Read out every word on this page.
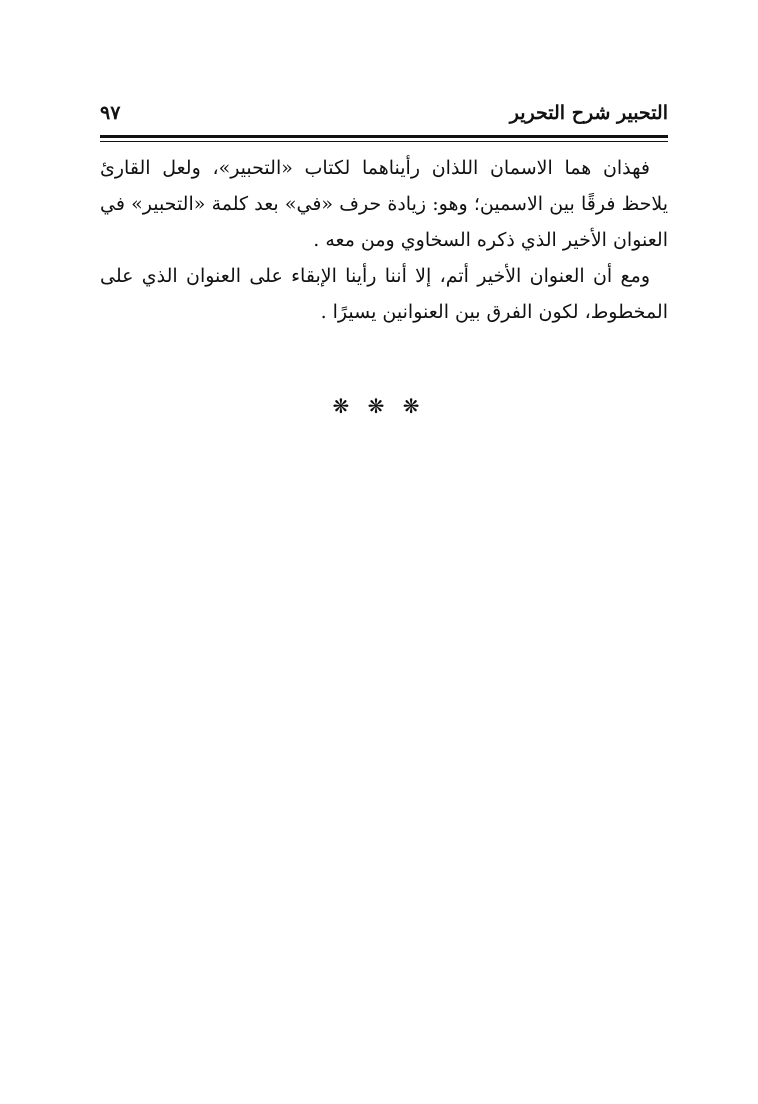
التحبير شرح التحرير
٩٧

فهذان هما الاسمان اللذان رأيناهما لكتاب «التحبير»، ولعل القارئ يلاحظ فرقًا بين الاسمين؛ وهو: زيادة حرف «في» بعد كلمة «التحبير» في العنوان الأخير الذي ذكره السخاوي ومن معه .

ومع أن العنوان الأخير أتم، إلا أننا رأينا الإبقاء على العنوان الذي على المخطوط، لكون الفرق بين العنوانين يسيرًا .

❋ ❋ ❋
